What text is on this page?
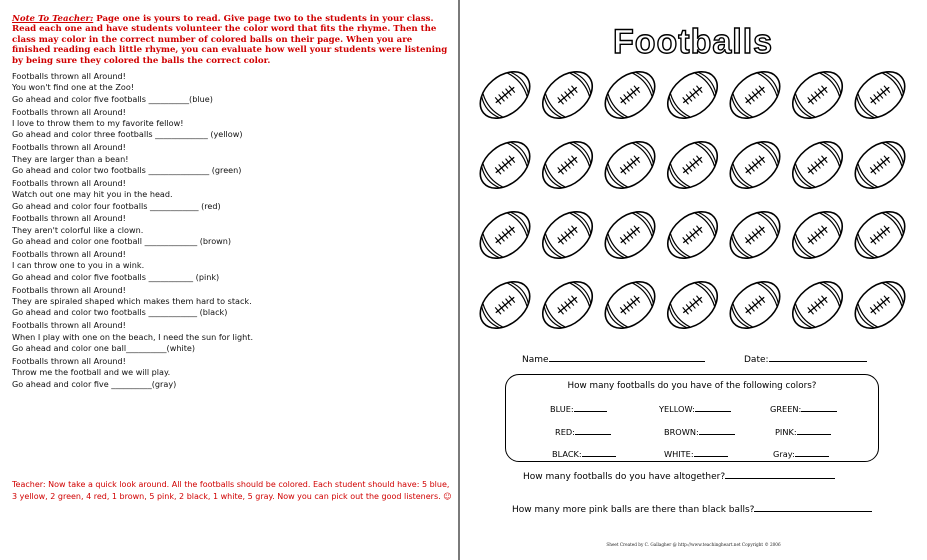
Note To Teacher: Page one is yours to read. Give page two to the students in your class. Read each one and have students volunteer the color word that fits the rhyme. Then the class may color in the correct number of colored balls on their page. When you are finished reading each little rhyme, you can evaluate how well your students were listening by being sure they colored the balls the correct color.
Footballs thrown all Around!
You won't find one at the Zoo!
Go ahead and color five footballs __________(blue)
Footballs thrown all Around!
I love to throw them to my favorite fellow!
Go ahead and color three footballs _____________ (yellow)
Footballs thrown all Around!
They are larger than a bean!
Go ahead and color two footballs _______________ (green)
Footballs thrown all Around!
Watch out one may hit you in the head.
Go ahead and color four footballs ____________ (red)
Footballs thrown all Around!
They aren't colorful like a clown.
Go ahead and color one football _____________ (brown)
Footballs thrown all Around!
I can throw one to you in a wink.
Go ahead and color five footballs ___________ (pink)
Footballs thrown all Around!
They are spiraled shaped which makes them hard to stack.
Go ahead and color two footballs ____________ (black)
Footballs thrown all Around!
When I play with one on the beach, I need the sun for light.
Go ahead and color one ball__________(white)
Footballs thrown all Around!
Throw me the football and we will play.
Go ahead and color five __________(gray)
Teacher: Now take a quick look around. All the footballs should be colored. Each student should have: 5 blue, 3 yellow, 2 green, 4 red, 1 brown, 5 pink, 2 black, 1 white, 5 gray. Now you can pick out the good listeners. ☺
Footballs
Name	Date:
How many footballs do you have of the following colors?
BLUE:	YELLOW:	GREEN:
RED:	BROWN:	PINK:
BLACK:	WHITE:	Gray:
How many footballs do you have altogether?
How many more pink balls are there than black balls?
Sheet Created by C. Gallagher @ http://www.teachingheart.net Copyright © 2006
